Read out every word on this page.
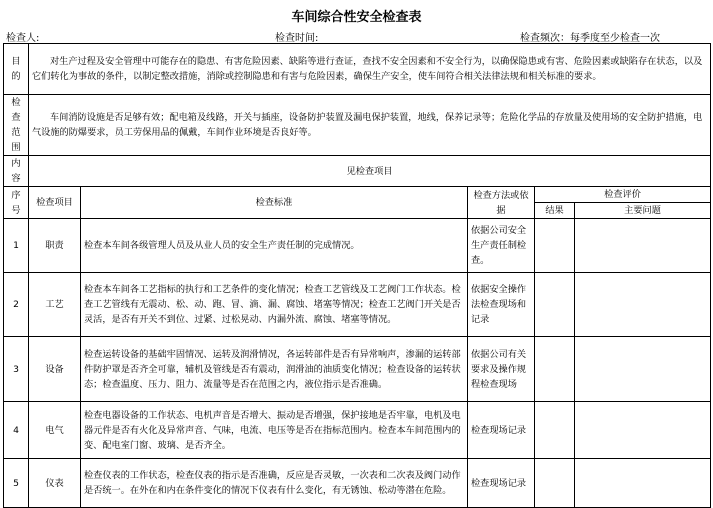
车间综合性安全检查表
检查人:	检查时间:	检查频次：每季度至少检查一次
目的	对生产过程及安全管理中可能存在的隐患、有害危险因素、缺陷等进行查证，查找不安全因素和不安全行为，以确保隐患或有害、危险因素或缺陷存在状态，以及它们转化为事故的条件，以制定整改措施，消除或控制隐患和有害与危险因素，确保生产安全，使车间符合相关法律法规和相关标准的要求。				
检查范围	车间消防设施是否足够有效；配电箱及线路，开关与插座，设备防护装置及漏电保护装置，地线，保养记录等；危险化学品的存放量及使用场的安全防护措施，电气设施的防爆要求，员工劳保用品的佩戴，车间作业环境是否良好等。				
内容	见检查项目				
序号	检查项目	检查标准	检查方法或依据	检查评价	
				结果	主要问题
1	职责	检查本车间各级管理人员及从业人员的安全生产责任制的完成情况。	依据公司安全生产责任制检查。		
2	工艺	检查本车间各工艺指标的执行和工艺条件的变化情况；检查工艺管线及工艺阀门工作状态。检查工艺管线有无震动、松、动、跑、冒、滴、漏、腐蚀、堵塞等情况；检查工艺阀门开关是否灵活，是否有开关不到位、过紧、过松晃动、内漏外流、腐蚀、堵塞等情况。	依据安全操作法检查现场和记录		
3	设备	检查运转设备的基础牢固情况、运转及润滑情况，各运转部件是否有异常响声，渗漏的运转部件防护罩是否齐全可靠，辅机及管线是否有震动，润滑油的油质变化情况；检查设备的运转状态；检查温度、压力、阻力、流量等是否在范围之内，液位指示是否准确。	依据公司有关要求及操作规程检查现场		
4	电气	检查电器设备的工作状态、电机声音是否增大、振动是否增强，保护接地是否牢靠，电机及电器元件是否有火化及异常声音、气味，电流、电压等是否在指标范围内。检查本车间范围内的变、配电室门窗、玻璃、是否齐全。	检查现场记录		
5	仪表	检查仪表的工作状态，检查仪表的指示是否准确，反应是否灵敏，一次表和二次表及阀门动作是否统一。在外在和内在条件变化的情况下仪表有什么变化，有无锈蚀、松动等潜在危险。	检查现场记录		
